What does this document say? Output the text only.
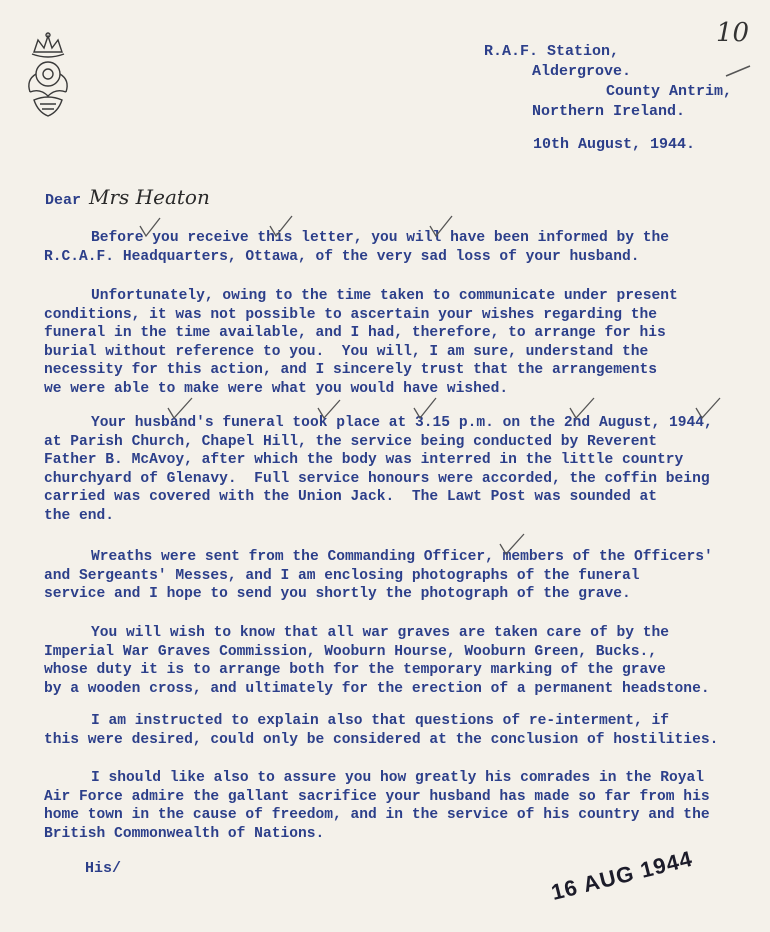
10
R.A.F. Station,
Aldergrove.
County Antrim,
Northern Ireland.
10th August, 1944.
Dear Mrs Heaton
Before you receive this letter, you will have been informed by the
R.C.A.F. Headquarters, Ottawa, of the very sad loss of your husband.
Unfortunately, owing to the time taken to communicate under present
conditions, it was not possible to ascertain your wishes regarding the
funeral in the time available, and I had, therefore, to arrange for his
burial without reference to you.  You will, I am sure, understand the
necessity for this action, and I sincerely trust that the arrangements
we were able to make were what you would have wished.
Your husband's funeral took place at 3.15 p.m. on the 2nd August, 1944,
at Parish Church, Chapel Hill, the service being conducted by Reverent
Father B. McAvoy, after which the body was interred in the little country
churchyard of Glenavy.  Full service honours were accorded, the coffin being
carried was covered with the Union Jack.  The Lawt Post was sounded at
the end.
Wreaths were sent from the Commanding Officer, members of the Officers'
and Sergeants' Messes, and I am enclosing photographs of the funeral
service and I hope to send you shortly the photograph of the grave.
You will wish to know that all war graves are taken care of by the
Imperial War Graves Commission, Wooburn Hourse, Wooburn Green, Bucks.,
whose duty it is to arrange both for the temporary marking of the grave
by a wooden cross, and ultimately for the erection of a permanent headstone.
I am instructed to explain also that questions of re-interment, if
this were desired, could only be considered at the conclusion of hostilities.
I should like also to assure you how greatly his comrades in the Royal
Air Force admire the gallant sacrifice your husband has made so far from his
home town in the cause of freedom, and in the service of his country and the
British Commonwealth of Nations.
His/	16 AUG 1944
